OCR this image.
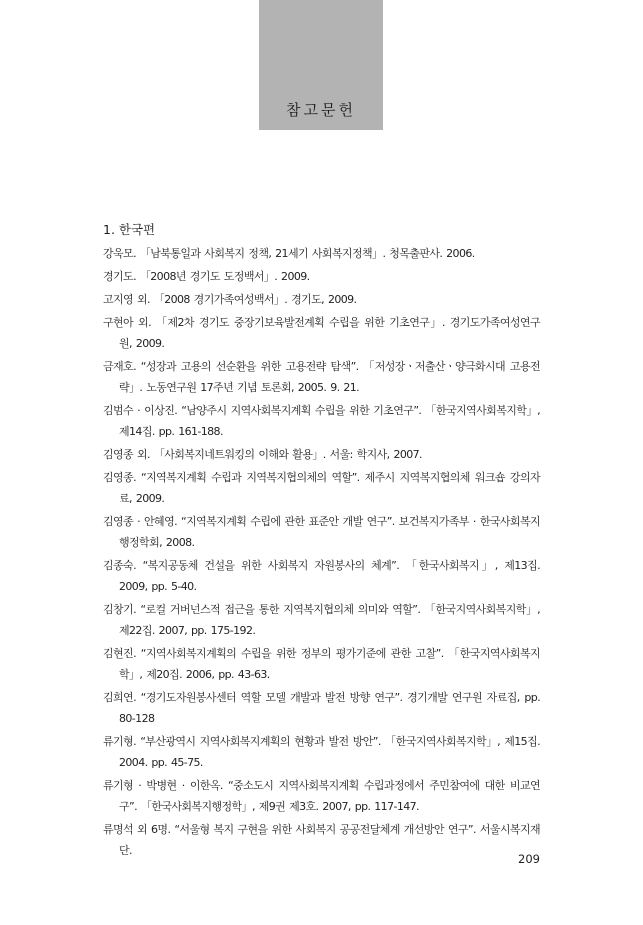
참고문헌
1. 한국편
강욱모. 「남북통일과 사회복지 정책, 21세기 사회복지정책」. 청목출판사. 2006.
경기도. 「2008년 경기도 도정백서」. 2009.
고지영 외. 「2008 경기가족여성백서」. 경기도, 2009.
구현아 외. 「제2차 경기도 중장기보육발전계획 수립을 위한 기초연구」. 경기도가족여성연구원, 2009.
금재호. “성장과 고용의 선순환을 위한 고용전략 탐색”. 「저성장ㆍ저출산ㆍ양극화시대 고용전략」. 노동연구원 17주년 기념 토론회, 2005. 9. 21.
김범수 · 이상진. “남양주시 지역사회복지계획 수립을 위한 기초연구”. 「한국지역사회복지학」, 제14집. pp. 161-188.
김영종 외. 「사회복지네트워킹의 이해와 활용」. 서울: 학지사, 2007.
김영종. “지역복지계획 수립과 지역복지협의체의 역할”. 제주시 지역복지협의체 워크숍 강의자료, 2009.
김영종 · 안혜영. “지역복지계획 수립에 관한 표준안 개발 연구”. 보건복지가족부 · 한국사회복지행정학회, 2008.
김종숙. “복지공동체 건설을 위한 사회복지 자원봉사의 체계”. 「한국사회복지」, 제13집. 2009, pp. 5-40.
김창기. “로컬 거버넌스적 접근을 통한 지역복지협의체 의미와 역할”. 「한국지역사회복지학」, 제22집. 2007, pp. 175-192.
김현진. “지역사회복지계획의 수립을 위한 정부의 평가기준에 관한 고찰”. 「한국지역사회복지학」, 제20집. 2006, pp. 43-63.
김희연. “경기도자원봉사센터 역할 모델 개발과 발전 방향 연구”. 경기개발 연구원 자료집, pp. 80-128
류기형. “부산광역시 지역사회복지계획의 현황과 발전 방안”. 「한국지역사회복지학」, 제15집. 2004. pp. 45-75.
류기형 · 박병현 · 이한옥. “중소도시 지역사회복지계획 수립과정에서 주민참여에 대한 비교연구”. 「한국사회복지행정학」, 제9권 제3호. 2007, pp. 117-147.
류명석 외 6명. “서울형 복지 구현을 위한 사회복지 공공전달체계 개선방안 연구”. 서울시복지재단.
209
